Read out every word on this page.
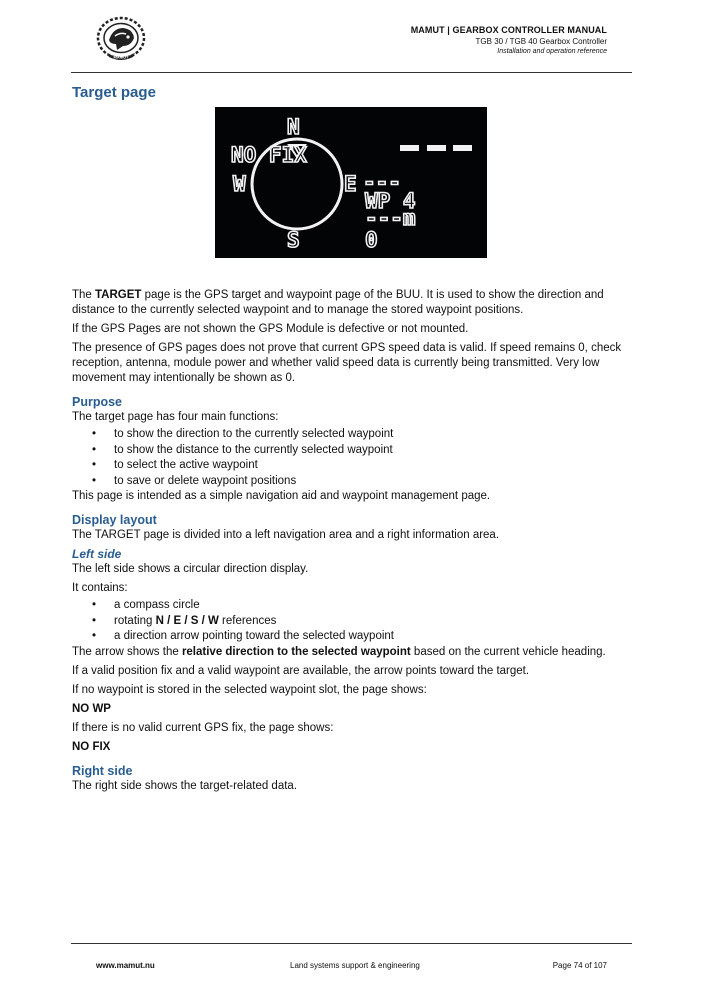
MAMUT
MAMUT | GEARBOX CONTROLLER MANUAL
TGB 30 / TGB 40 Gearbox Controller
Installation and operation reference
Target page
N
S
W	E
NO FIX
---
WP 4
---m
0

The TARGET page is the GPS target and waypoint page of the BUU. It is used to show the direction and distance to the currently selected waypoint and to manage the stored waypoint positions.

If the GPS Pages are not shown the GPS Module is defective or not mounted.

The presence of GPS pages does not prove that current GPS speed data is valid. If speed remains 0, check reception, antenna, module power and whether valid speed data is currently being transmitted. Very low movement may intentionally be shown as 0.

Purpose

The target page has four main functions:

• to show the direction to the currently selected waypoint
• to show the distance to the currently selected waypoint
• to select the active waypoint
• to save or delete waypoint positions

This page is intended as a simple navigation aid and waypoint management page.

Display layout

The TARGET page is divided into a left navigation area and a right information area.

Left side

The left side shows a circular direction display.

It contains:

• a compass circle
• rotating N / E / S / W references
• a direction arrow pointing toward the selected waypoint

The arrow shows the relative direction to the selected waypoint based on the current vehicle heading.

If a valid position fix and a valid waypoint are available, the arrow points toward the target.

If no waypoint is stored in the selected waypoint slot, the page shows:

NO WP

If there is no valid current GPS fix, the page shows:

NO FIX

Right side

The right side shows the target-related data.

www.mamut.nu	Land systems support & engineering	Page 74 of 107
